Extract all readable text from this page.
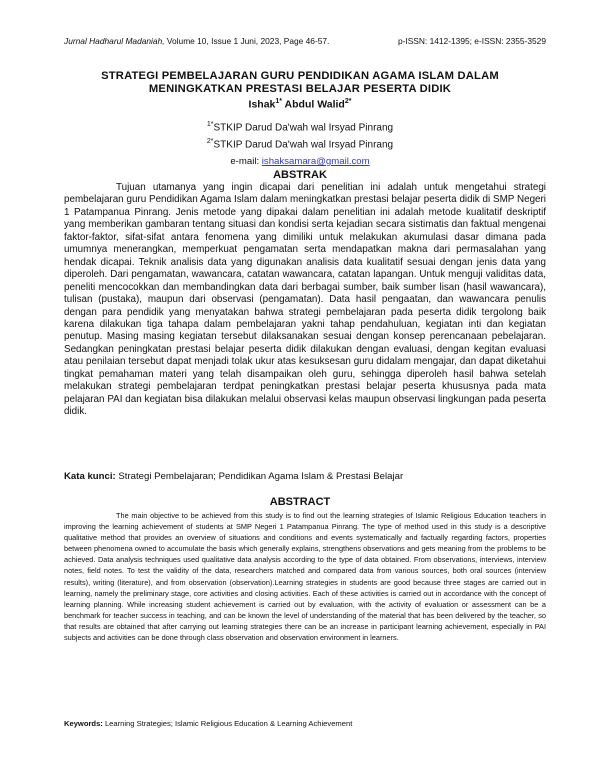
Jurnal Hadharul Madaniah, Volume 10, Issue 1 Juni, 2023, Page 46-57.	p-ISSN: 1412-1395; e-ISSN: 2355-3529
STRATEGI PEMBELAJARAN GURU PENDIDIKAN AGAMA ISLAM DALAM
MENINGKATKAN PRESTASI BELAJAR PESERTA DIDIK
Ishak$^{1*}$ Abdul Walid$^{2*}$
$^{1*}$STKIP Darud Da'wah wal Irsyad Pinrang
$^{2*}$STKIP Darud Da'wah wal Irsyad Pinrang
e-mail: ishaksamara@gmail.com
ABSTRAK
Tujuan utamanya yang ingin dicapai dari penelitian ini adalah untuk mengetahui strategi pembelajaran guru Pendidikan Agama Islam dalam meningkatkan prestasi belajar peserta didik di SMP Negeri 1 Patampanua Pinrang. Jenis metode yang dipakai dalam penelitian ini adalah metode kualitatif deskriptif yang memberikan gambaran tentang situasi dan kondisi serta kejadian secara sistimatis dan faktual mengenai faktor-faktor, sifat-sifat antara fenomena yang dimiliki untuk melakukan akumulasi dasar dimana pada umumnya menerangkan, memperkuat pengamatan serta mendapatkan makna dari permasalahan yang hendak dicapai. Teknik analisis data yang digunakan analisis data kualitatif sesuai dengan jenis data yang diperoleh. Dari pengamatan, wawancara, catatan wawancara, catatan lapangan. Untuk menguji validitas data, peneliti mencocokkan dan membandingkan data dari berbagai sumber, baik sumber lisan (hasil wawancara), tulisan (pustaka), maupun dari observasi (pengamatan). Data hasil pengaatan, dan wawancara penulis dengan para pendidik yang menyatakan bahwa strategi pembelajaran pada peserta didik tergolong baik karena dilakukan tiga tahapa dalam pembelajaran yakni tahap pendahuluan, kegiatan inti dan kegiatan penutup. Masing masing kegiatan tersebut dilaksanakan sesuai dengan konsep perencanaan pebelajaran. Sedangkan peningkatan prestasi belajar peserta didik dilakukan dengan evaluasi, dengan kegitan evaluasi atau penilaian tersebut dapat menjadi tolak ukur atas kesuksesan guru didalam mengajar, dan dapat diketahui tingkat pemahaman materi yang telah disampaikan oleh guru, sehingga diperoleh hasil bahwa setelah melakukan strategi pembelajaran terdpat peningkatkan prestasi belajar peserta khususnya pada mata pelajaran PAI dan kegiatan bisa dilakukan melalui observasi kelas maupun observasi lingkungan pada peserta didik.
Kata kunci: Strategi Pembelajaran; Pendidikan Agama Islam & Prestasi Belajar
ABSTRACT
The main objective to be achieved from this study is to find out the learning strategies of Islamic Religious Education teachers in improving the learning achievement of students at SMP Negeri 1 Patampanua Pinrang. The type of method used in this study is a descriptive qualitative method that provides an overview of situations and conditions and events systematically and factually regarding factors, properties between phenomena owned to accumulate the basis which generally explains, strengthens observations and gets meaning from the problems to be achieved. Data analysis techniques used qualitative data analysis according to the type of data obtained. From observations, interviews, interview notes, field notes. To test the validity of the data, researchers matched and compared data from various sources, both oral sources (interview results), writing (literature), and from observation (observation).Learning strategies in students are good because three stages are carried out in learning, namely the preliminary stage, core activities and closing activities. Each of these activities is carried out in accordance with the concept of learning planning. While increasing student achievement is carried out by evaluation, with the activity of evaluation or assessment can be a benchmark for teacher success in teaching, and can be known the level of understanding of the material that has been delivered by the teacher, so that results are obtained that after carrying out learning strategies there can be an increase in participant learning achievement, especially in PAI subjects and activities can be done through class observation and observation environment in learners.
Keywords: Learning Strategies; Islamic Religious Education & Learning Achievement
